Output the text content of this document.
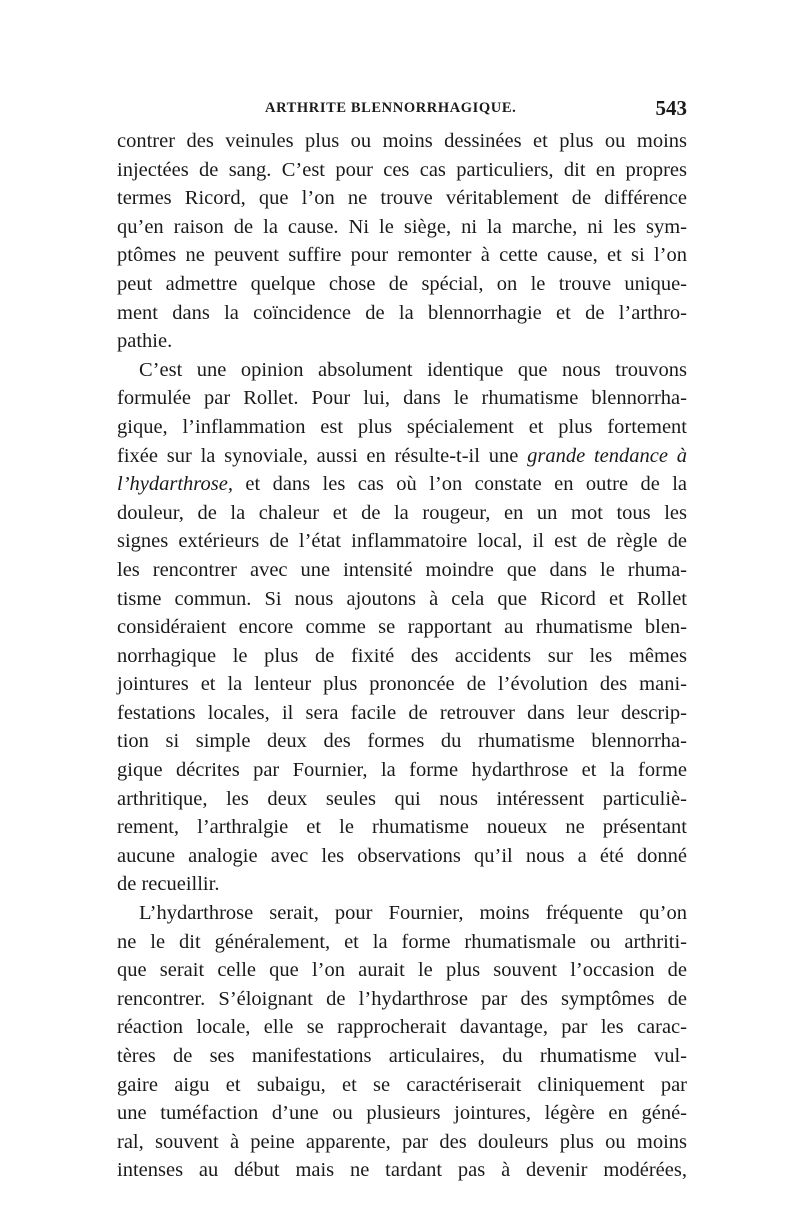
ARTHRITE BLENNORRHAGIQUE.	543
contrer des veinules plus ou moins dessinées et plus ou moins
injectées de sang. C’est pour ces cas particuliers, dit en propres
termes Ricord, que l’on ne trouve véritablement de différence
qu’en raison de la cause. Ni le siège, ni la marche, ni les sym-
ptômes ne peuvent suffire pour remonter à cette cause, et si l’on
peut admettre quelque chose de spécial, on le trouve unique-
ment dans la coïncidence de la blennorrhagie et de l’arthro-
pathie.
C’est une opinion absolument identique que nous trouvons
formulée par Rollet. Pour lui, dans le rhumatisme blennorrha-
gique, l’inflammation est plus spécialement et plus fortement
fixée sur la synoviale, aussi en résulte-t-il une grande tendance à
l’hydarthrose, et dans les cas où l’on constate en outre de la
douleur, de la chaleur et de la rougeur, en un mot tous les
signes extérieurs de l’état inflammatoire local, il est de règle de
les rencontrer avec une intensité moindre que dans le rhuma-
tisme commun. Si nous ajoutons à cela que Ricord et Rollet
considéraient encore comme se rapportant au rhumatisme blen-
norrhagique le plus de fixité des accidents sur les mêmes
jointures et la lenteur plus prononcée de l’évolution des mani-
festations locales, il sera facile de retrouver dans leur descrip-
tion si simple deux des formes du rhumatisme blennorrha-
gique décrites par Fournier, la forme hydarthrose et la forme
arthritique, les deux seules qui nous intéressent particuliè-
rement, l’arthralgie et le rhumatisme noueux ne présentant
aucune analogie avec les observations qu’il nous a été donné
de recueillir.
L’hydarthrose serait, pour Fournier, moins fréquente qu’on
ne le dit généralement, et la forme rhumatismale ou arthriti-
que serait celle que l’on aurait le plus souvent l’occasion de
rencontrer. S’éloignant de l’hydarthrose par des symptômes de
réaction locale, elle se rapprocherait davantage, par les carac-
tères de ses manifestations articulaires, du rhumatisme vul-
gaire aigu et subaigu, et se caractériserait cliniquement par
une tuméfaction d’une ou plusieurs jointures, légère en géné-
ral, souvent à peine apparente, par des douleurs plus ou moins
intenses au début mais ne tardant pas à devenir modérées,
